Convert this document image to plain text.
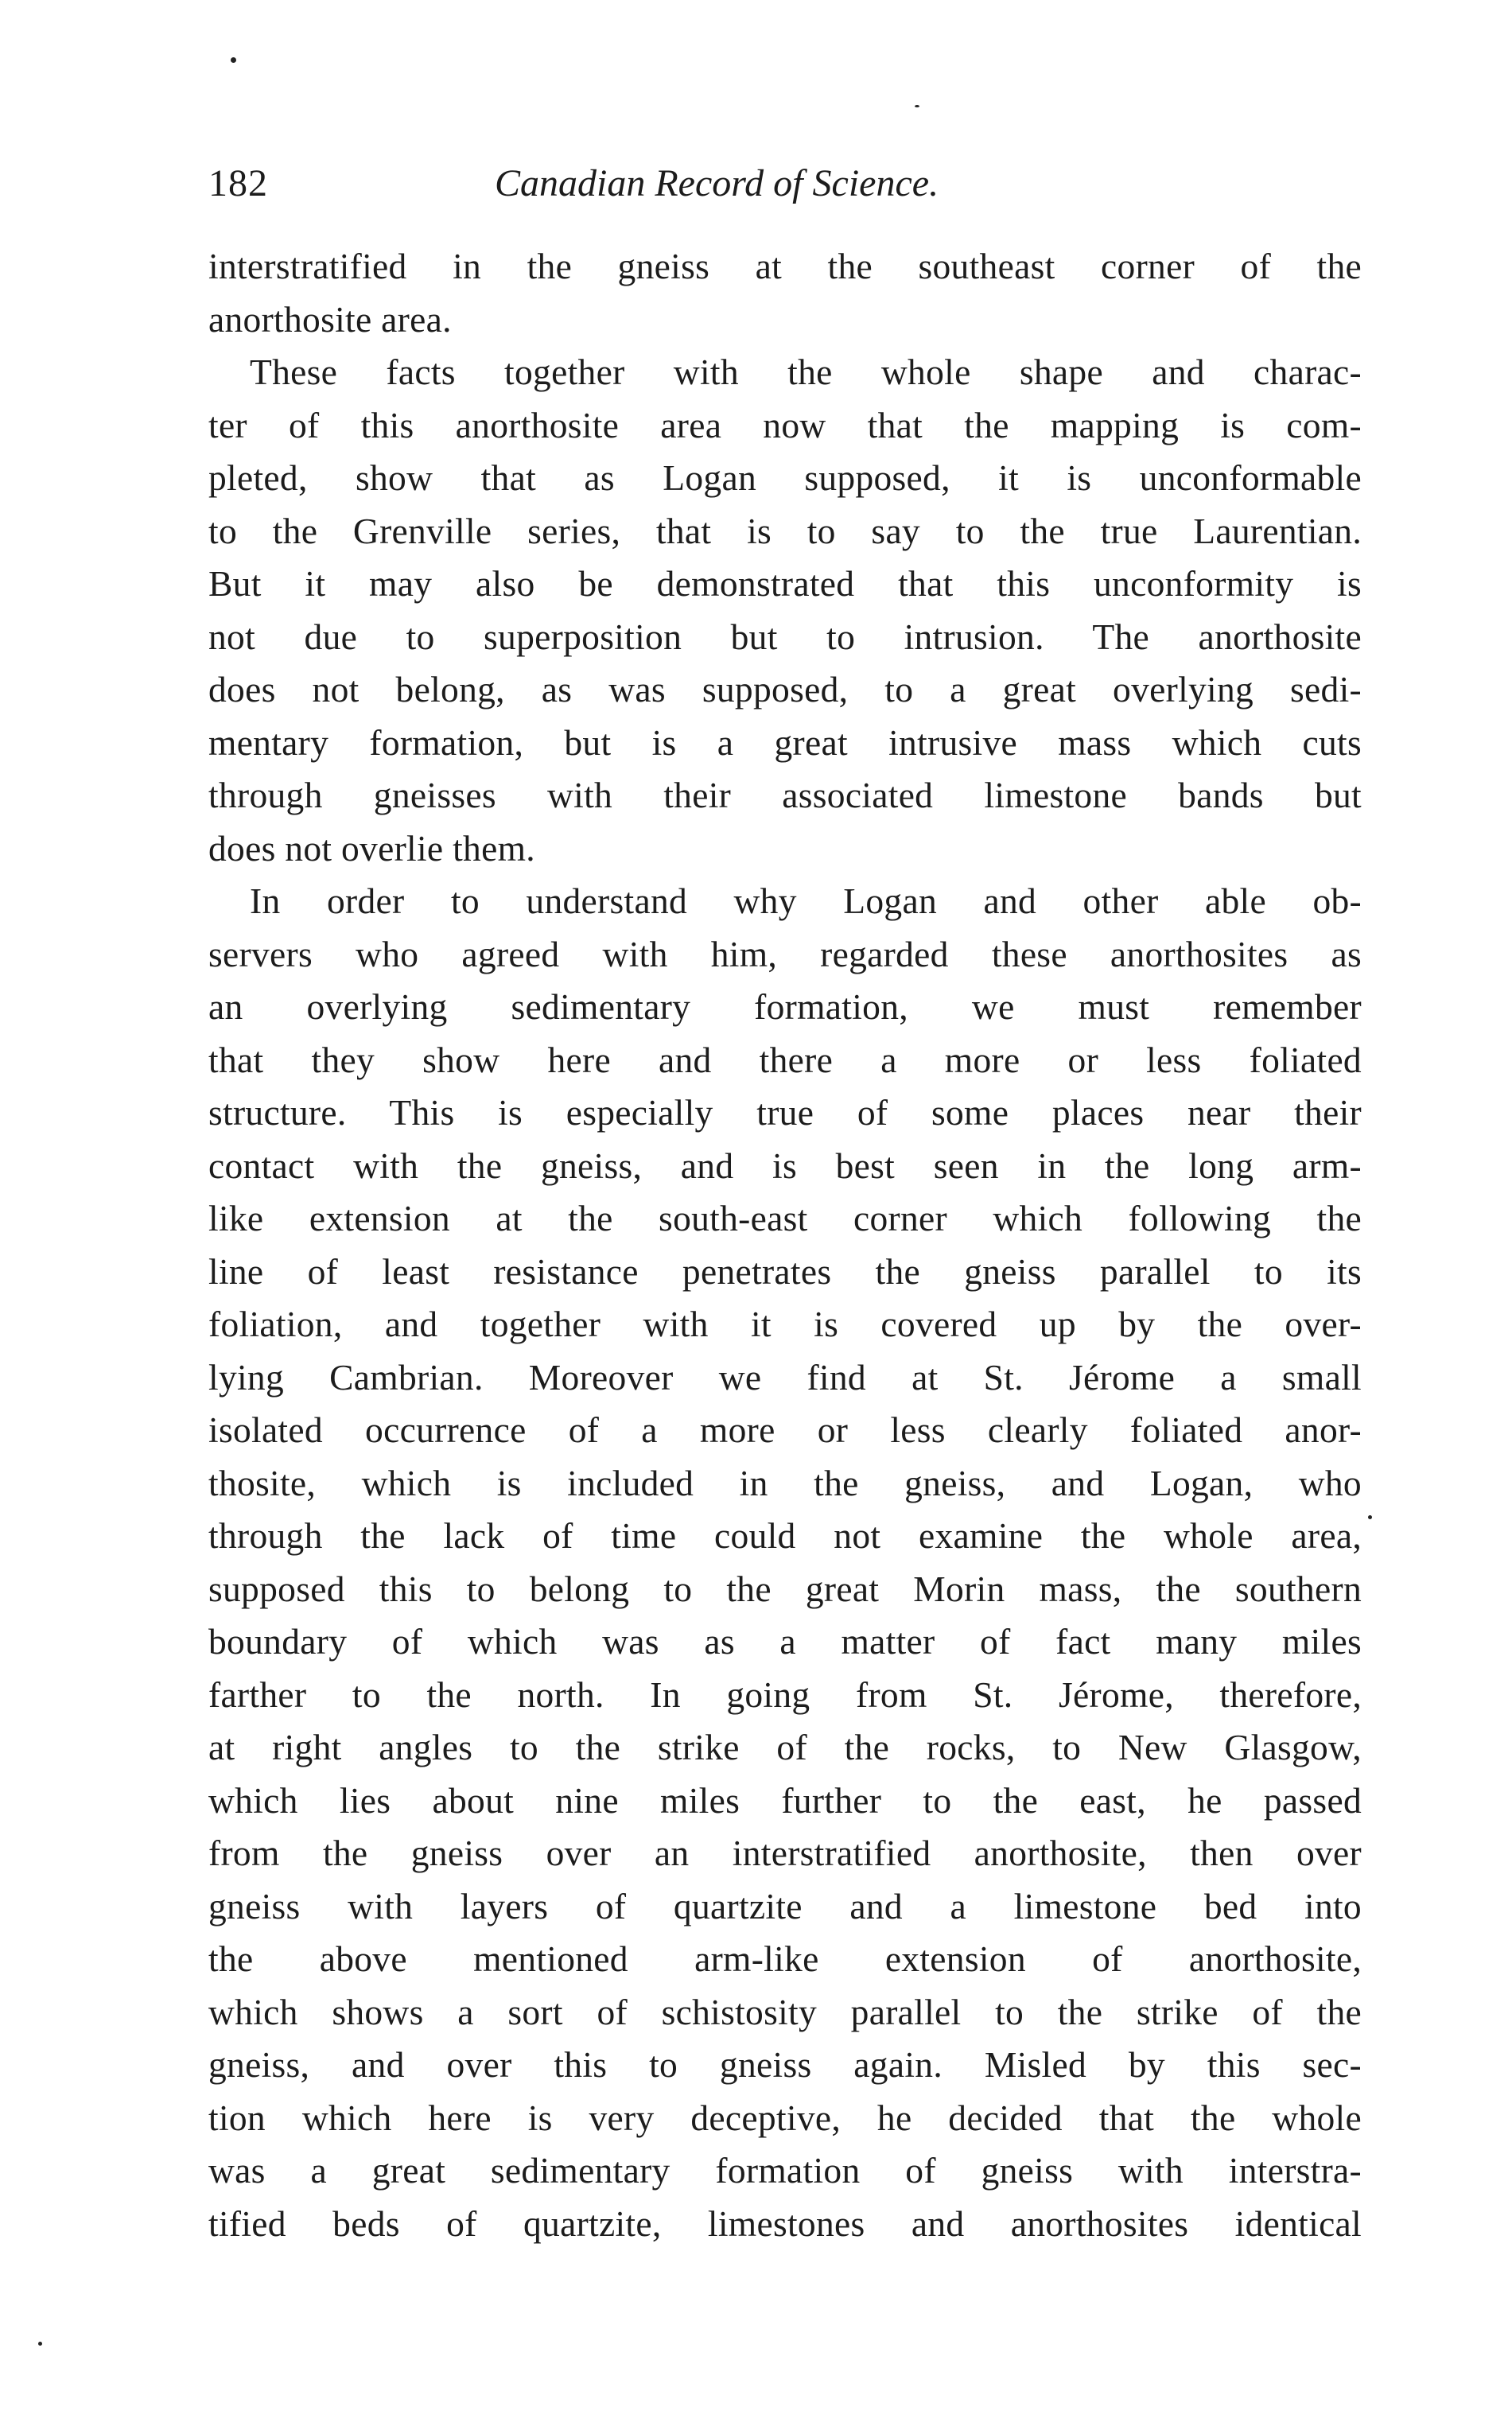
182	Canadian Record of Science.
interstratified in the gneiss at the southeast corner of the
anorthosite area.
These facts together with the whole shape and charac-
ter of this anorthosite area now that the mapping is com-
pleted, show that as Logan supposed, it is unconformable
to the Grenville series, that is to say to the true Laurentian.
But it may also be demonstrated that this unconformity is
not due to superposition but to intrusion. The anorthosite
does not belong, as was supposed, to a great overlying sedi-
mentary formation, but is a great intrusive mass which cuts
through gneisses with their associated limestone bands but
does not overlie them.
In order to understand why Logan and other able ob-
servers who agreed with him, regarded these anorthosites as
an overlying sedimentary formation, we must remember
that they show here and there a more or less foliated
structure. This is especially true of some places near their
contact with the gneiss, and is best seen in the long arm-
like extension at the south-east corner which following the
line of least resistance penetrates the gneiss parallel to its
foliation, and together with it is covered up by the over-
lying Cambrian. Moreover we find at St. Jérome a small
isolated occurrence of a more or less clearly foliated anor-
thosite, which is included in the gneiss, and Logan, who
through the lack of time could not examine the whole area,
supposed this to belong to the great Morin mass, the southern
boundary of which was as a matter of fact many miles
farther to the north. In going from St. Jérome, therefore,
at right angles to the strike of the rocks, to New Glasgow,
which lies about nine miles further to the east, he passed
from the gneiss over an interstratified anorthosite, then over
gneiss with layers of quartzite and a limestone bed into
the above mentioned arm-like extension of anorthosite,
which shows a sort of schistosity parallel to the strike of the
gneiss, and over this to gneiss again. Misled by this sec-
tion which here is very deceptive, he decided that the whole
was a great sedimentary formation of gneiss with interstra-
tified beds of quartzite, limestones and anorthosites identical
